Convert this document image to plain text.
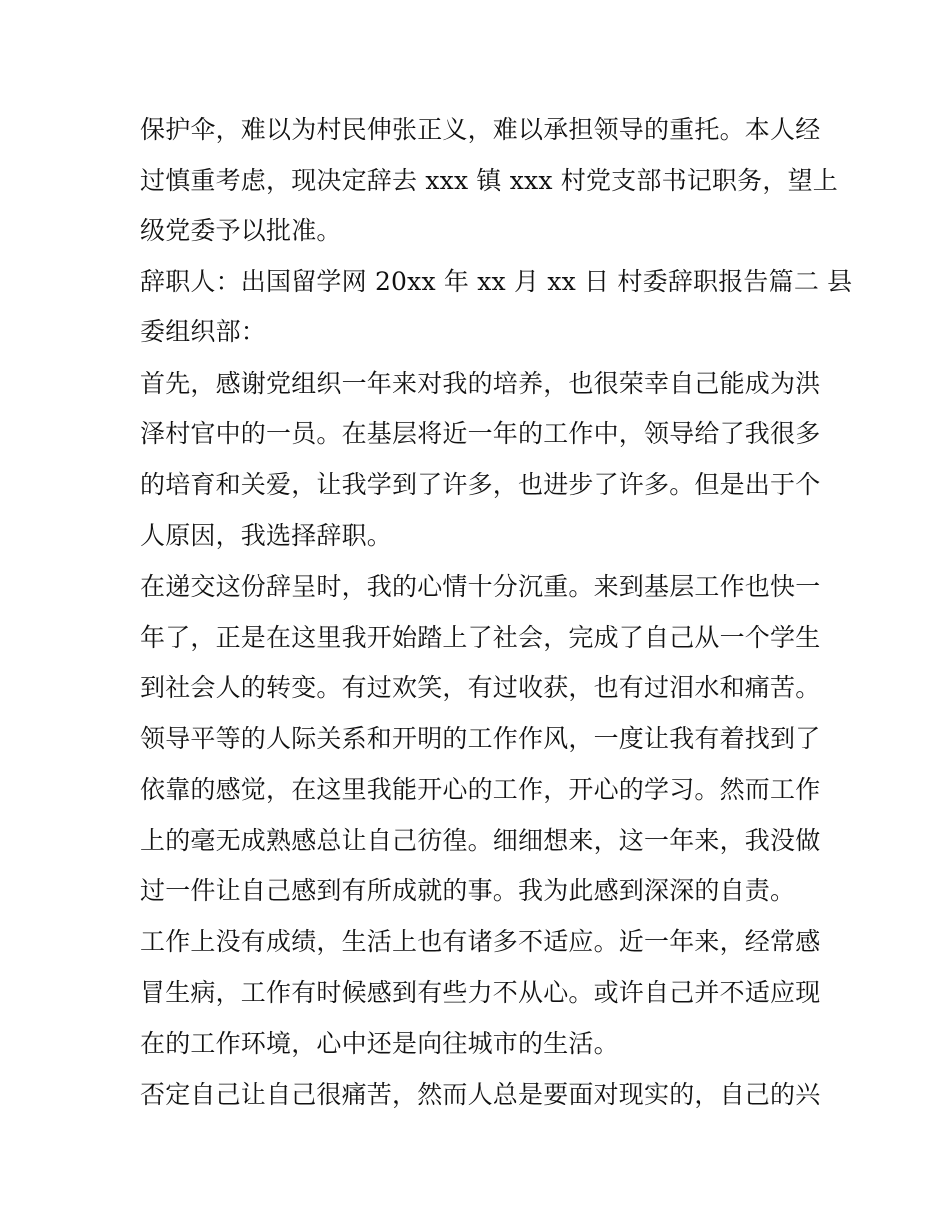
保护伞，难以为村民伸张正义，难以承担领导的重托。本人经
过慎重考虑，现决定辞去 xxx 镇 xxx 村党支部书记职务，望上
级党委予以批准。
辞职人：出国留学网 20xx 年 xx 月 xx 日 村委辞职报告篇二 县
委组织部：
首先，感谢党组织一年来对我的培养，也很荣幸自己能成为洪
泽村官中的一员。在基层将近一年的工作中，领导给了我很多
的培育和关爱，让我学到了许多，也进步了许多。但是出于个
人原因，我选择辞职。
在递交这份辞呈时，我的心情十分沉重。来到基层工作也快一
年了，正是在这里我开始踏上了社会，完成了自己从一个学生
到社会人的转变。有过欢笑，有过收获，也有过泪水和痛苦。
领导平等的人际关系和开明的工作作风，一度让我有着找到了
依靠的感觉，在这里我能开心的工作，开心的学习。然而工作
上的毫无成熟感总让自己彷徨。细细想来，这一年来，我没做
过一件让自己感到有所成就的事。我为此感到深深的自责。
工作上没有成绩，生活上也有诸多不适应。近一年来，经常感
冒生病，工作有时候感到有些力不从心。或许自己并不适应现
在的工作环境，心中还是向往城市的生活。
否定自己让自己很痛苦，然而人总是要面对现实的，自己的兴
